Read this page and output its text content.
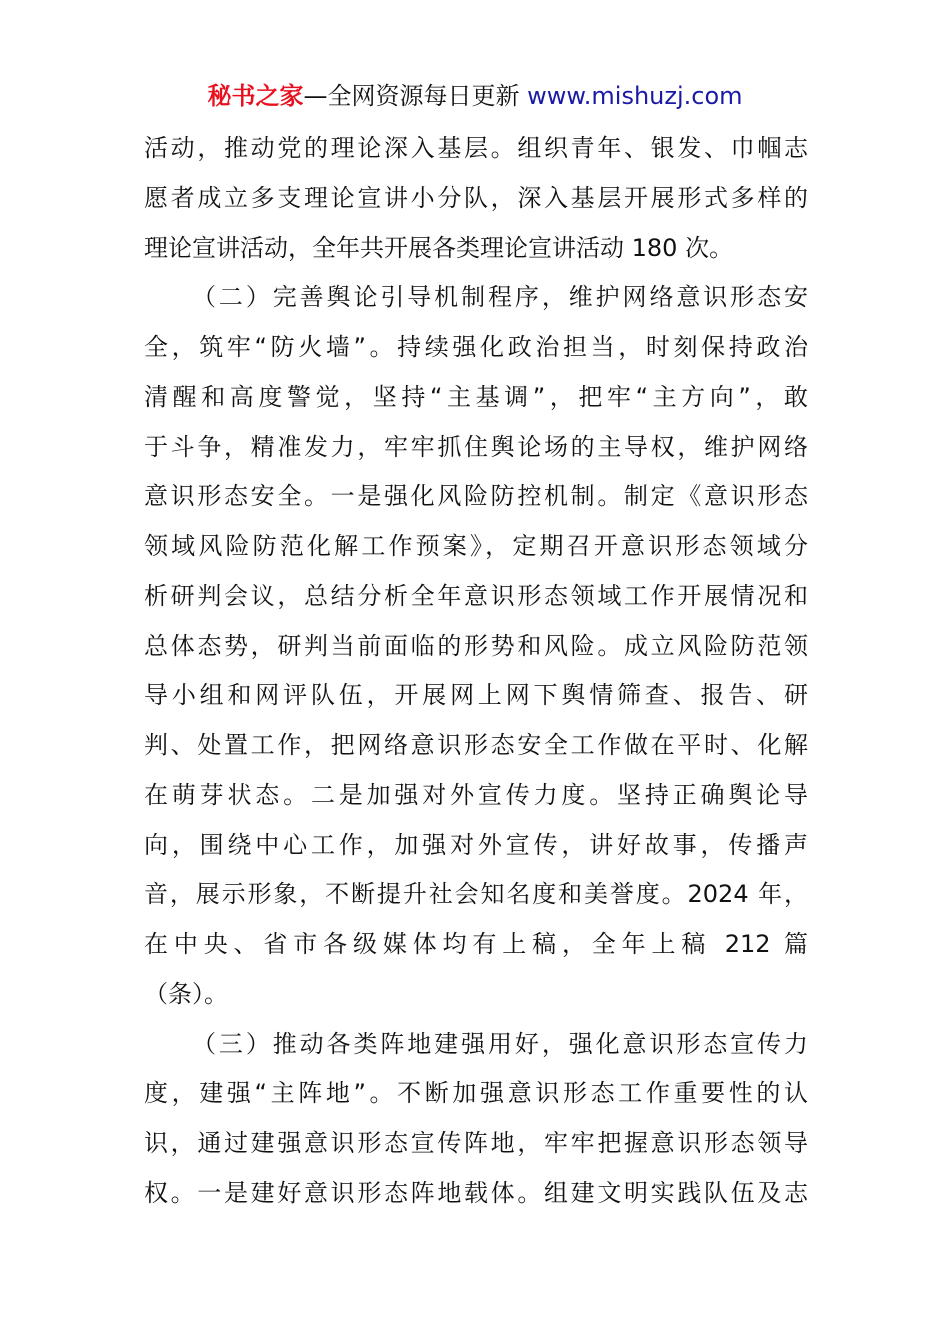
秘书之家—全网资源每日更新 www.mishuzj.com
活动，推动党的理论深入基层。组织青年、银发、巾帼志
愿者成立多支理论宣讲小分队，深入基层开展形式多样的
理论宣讲活动，全年共开展各类理论宣讲活动 180 次。
（二）完善舆论引导机制程序，维护网络意识形态安
全，筑牢“防火墙”。持续强化政治担当，时刻保持政治
清醒和高度警觉，坚持“主基调”，把牢“主方向”，敢
于斗争，精准发力，牢牢抓住舆论场的主导权，维护网络
意识形态安全。一是强化风险防控机制。制定《意识形态
领域风险防范化解工作预案》，定期召开意识形态领域分
析研判会议，总结分析全年意识形态领域工作开展情况和
总体态势，研判当前面临的形势和风险。成立风险防范领
导小组和网评队伍，开展网上网下舆情筛查、报告、研
判、处置工作，把网络意识形态安全工作做在平时、化解
在萌芽状态。二是加强对外宣传力度。坚持正确舆论导
向，围绕中心工作，加强对外宣传，讲好故事，传播声
音，展示形象，不断提升社会知名度和美誉度。2024 年，
在中央、省市各级媒体均有上稿，全年上稿 212 篇
（条）。
（三）推动各类阵地建强用好，强化意识形态宣传力
度，建强“主阵地”。不断加强意识形态工作重要性的认
识，通过建强意识形态宣传阵地，牢牢把握意识形态领导
权。一是建好意识形态阵地载体。组建文明实践队伍及志
